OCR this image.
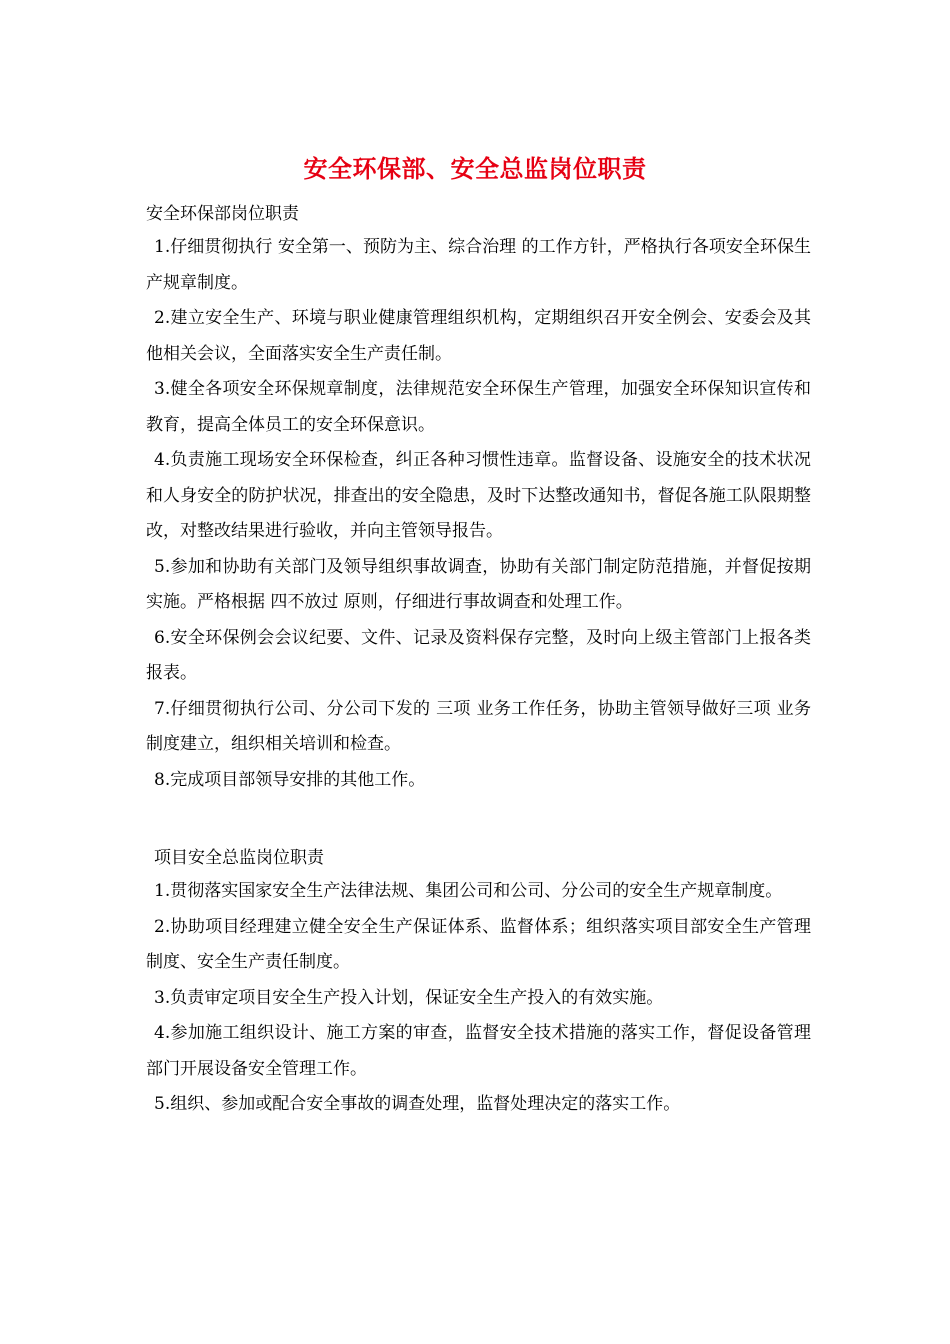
安全环保部、安全总监岗位职责
安全环保部岗位职责

1.仔细贯彻执行 安全第一、预防为主、综合治理 的工作方针，严格执行各项安全环保生产规章制度。

2.建立安全生产、环境与职业健康管理组织机构，定期组织召开安全例会、安委会及其他相关会议，全面落实安全生产责任制。

3.健全各项安全环保规章制度，法律规范安全环保生产管理，加强安全环保知识宣传和教育，提高全体员工的安全环保意识。

4.负责施工现场安全环保检查，纠正各种习惯性违章。监督设备、设施安全的技术状况和人身安全的防护状况，排查出的安全隐患，及时下达整改通知书，督促各施工队限期整改，对整改结果进行验收，并向主管领导报告。

5.参加和协助有关部门及领导组织事故调查，协助有关部门制定防范措施，并督促按期实施。严格根据 四不放过 原则，仔细进行事故调查和处理工作。

6.安全环保例会会议纪要、文件、记录及资料保存完整，及时向上级主管部门上报各类报表。

7.仔细贯彻执行公司、分公司下发的 三项 业务工作任务，协助主管领导做好三项 业务制度建立，组织相关培训和检查。

8.完成项目部领导安排的其他工作。

项目安全总监岗位职责

1.贯彻落实国家安全生产法律法规、集团公司和公司、分公司的安全生产规章制度。

2.协助项目经理建立健全安全生产保证体系、监督体系；组织落实项目部安全生产管理制度、安全生产责任制度。

3.负责审定项目安全生产投入计划，保证安全生产投入的有效实施。

4.参加施工组织设计、施工方案的审查，监督安全技术措施的落实工作，督促设备管理部门开展设备安全管理工作。

5.组织、参加或配合安全事故的调查处理，监督处理决定的落实工作。
